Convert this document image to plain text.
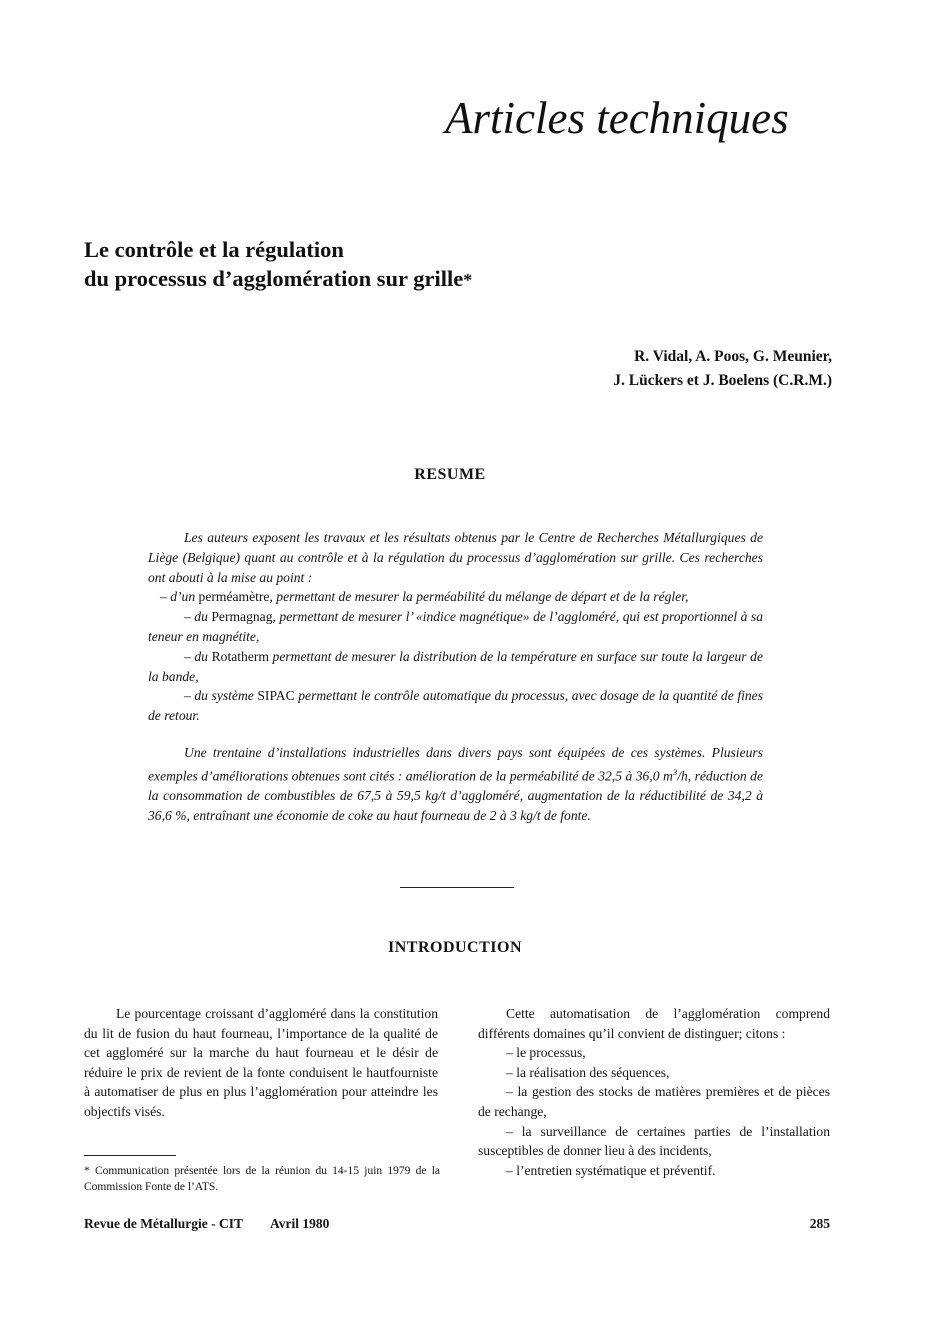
Articles techniques
Le contrôle et la régulation
du processus d’agglomération sur grille*
R. Vidal, A. Poos, G. Meunier,
J. Lückers et J. Boelens (C.R.M.)
RESUME

Les auteurs exposent les travaux et les résultats obtenus par le Centre de Recherches Métallurgiques de Liège (Belgique) quant au contrôle et à la régulation du processus d’agglomération sur grille. Ces recherches ont abouti à la mise au point :
– d’un perméamètre, permettant de mesurer la perméabilité du mélange de départ et de la régler,
– du Permagnag, permettant de mesurer l’ «indice magnétique» de l’aggloméré, qui est proportionnel à sa teneur en magnétite,
– du Rotatherm permettant de mesurer la distribution de la température en surface sur toute la largeur de la bande,
– du système SIPAC permettant le contrôle automatique du processus, avec dosage de la quantité de fines de retour.

Une trentaine d’installations industrielles dans divers pays sont équipées de ces systèmes. Plusieurs exemples d’améliorations obtenues sont cités : amélioration de la perméabilité de 32,5 à 36,0 $m^3/h$, réduction de la consommation de combustibles de 67,5 à 59,5 kg/t d’aggloméré, augmentation de la réductibilité de 34,2 à 36,6 %, entraînant une économie de coke au haut fourneau de 2 à 3 kg/t de fonte.

INTRODUCTION

Le pourcentage croissant d’aggloméré dans la constitution du lit de fusion du haut fourneau, l’importance de la qualité de cet aggloméré sur la marche du haut fourneau et le désir de réduire le prix de revient de la fonte conduisent le hautfourniste à automatiser de plus en plus l’agglomération pour atteindre les objectifs visés.

Cette automatisation de l’agglomération comprend différents domaines qu’il convient de distinguer; citons :

– le processus,

– la réalisation des séquences,

– la gestion des stocks de matières premières et de pièces de rechange,

– la surveillance de certaines parties de l’installation susceptibles de donner lieu à des incidents,

– l’entretien systématique et préventif.

* Communication présentée lors de la réunion du 14-15 juin 1979 de la Commission Fonte de l’ATS.
Revue de Métallurgie - CIT Avril 1980	285
